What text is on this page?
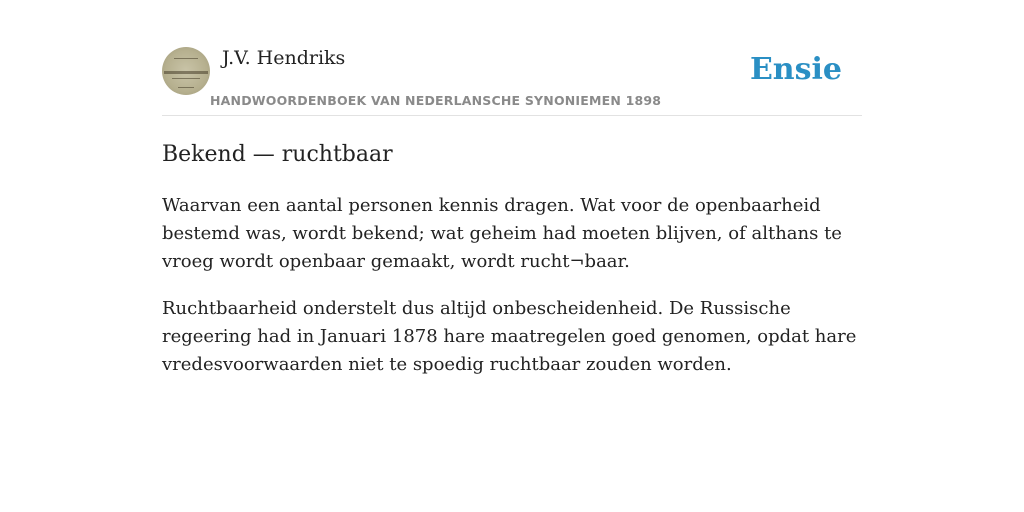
J.V. Hendriks
HANDWOORDENBOEK VAN NEDERLANSCHE SYNONIEMEN 1898
Ensie
Bekend — ruchtbaar

Waarvan een aantal personen kennis dragen. Wat voor de openbaarheid bestemd was, wordt bekend; wat geheim had moeten blijven, of althans te vroeg wordt openbaar gemaakt, wordt rucht¬baar.

Ruchtbaarheid onderstelt dus altijd onbescheidenheid. De Russische regeering had in Januari 1878 hare maatregelen goed genomen, opdat hare vredesvoorwaarden niet te spoedig ruchtbaar zouden worden.
